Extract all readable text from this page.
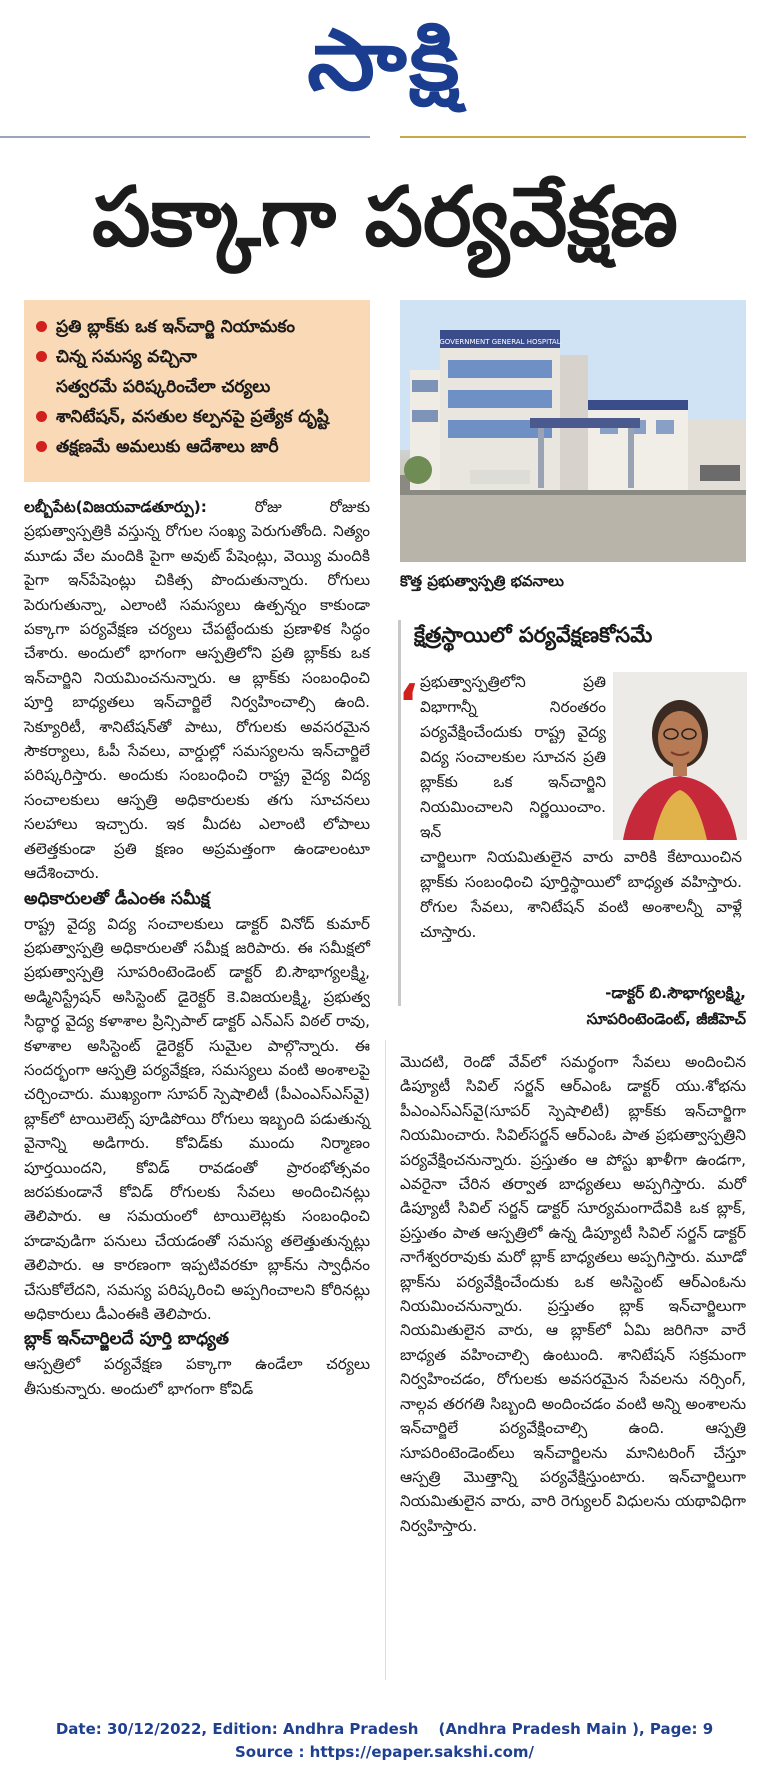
సాక్షి
పక్కాగా పర్యవేక్షణ
ప్రతి బ్లాక్‌కు ఒక ఇన్‌చార్జి నియామకం
చిన్న సమస్య వచ్చినా
సత్వరమే పరిష్కరించేలా చర్యలు
శానిటేషన్, వసతుల కల్పనపై ప్రత్యేక దృష్టి
తక్షణమే అమలుకు ఆదేశాలు జారీ
GOVERNMENT GENERAL HOSPITAL
కొత్త ప్రభుత్వాస్పత్రి భవనాలు

లబ్బీపేట(విజయవాడతూర్పు):	రోజు రోజుకు ప్రభుత్వాస్పత్రికి వస్తున్న రోగుల సంఖ్య పెరుగుతోంది. నిత్యం మూడు వేల మందికి పైగా అవుట్ పేషెంట్లు, వెయ్యి మందికి పైగా ఇన్‌పేషెంట్లు చికిత్స పొందుతున్నారు. రోగులు పెరుగుతున్నా, ఎలాంటి సమస్యలు ఉత్పన్నం కాకుండా పక్కాగా పర్యవేక్షణ చర్యలు చేపట్టేందుకు ప్రణాళిక సిద్ధం చేశారు. అందులో భాగంగా ఆస్పత్రిలోని ప్రతి బ్లాక్‌కు ఒక ఇన్‌చార్జిని నియమించనున్నారు. ఆ బ్లాక్‌కు సంబంధించి పూర్తి బాధ్యతలు ఇన్‌చార్జిలే నిర్వహించాల్సి ఉంది. సెక్యూరిటీ, శానిటేషన్‌తో పాటు, రోగులకు అవసరమైన సౌకర్యాలు, ఓపీ సేవలు, వార్డుల్లో సమస్యలను ఇన్‌చార్జిలే పరిష్కరిస్తారు. అందుకు సంబంధించి రాష్ట్ర వైద్య విద్య సంచాలకులు ఆస్పత్రి అధికారులకు తగు సూచనలు సలహాలు ఇచ్చారు. ఇక మీదట ఎలాంటి లోపాలు తలెత్తకుండా ప్రతి క్షణం అప్రమత్తంగా ఉండాలంటూ ఆదేశించారు.

అధికారులతో డీఎంఈ సమీక్ష

రాష్ట్ర వైద్య విద్య సంచాలకులు డాక్టర్ వినోద్ కుమార్ ప్రభుత్వాస్పత్రి అధికారులతో సమీక్ష జరిపారు. ఈ సమీక్షలో ప్రభుత్వాస్పత్రి సూపరింటెండెంట్ డాక్టర్ బి.సౌభాగ్యలక్ష్మి, అడ్మినిస్ట్రేషన్ అసిస్టెంట్ డైరెక్టర్ కె.విజయలక్ష్మి, ప్రభుత్వ సిద్ధార్థ వైద్య కళాశాల ప్రిన్సిపాల్ డాక్టర్ ఎన్‌ఎస్ విఠల్ రావు, కళాశాల అసిస్టెంట్ డైరెక్టర్ సుమైల పాల్గొన్నారు. ఈ సందర్భంగా ఆస్పత్రి పర్యవేక్షణ, సమస్యలు వంటి అంశాలపై చర్చించారు. ముఖ్యంగా సూపర్ స్పెషాలిటీ (పీఎంఎస్ఎస్‌వై) బ్లాక్‌లో టాయిలెట్స్ పూడిపోయి రోగులు ఇబ్బంది పడుతున్న వైనాన్ని అడిగారు. కోవిడ్‌కు ముందు నిర్మాణం పూర్తయిందని, కోవిడ్ రావడంతో ప్రారంభోత్సవం జరపకుండానే కోవిడ్ రోగులకు సేవలు అందించినట్లు తెలిపారు. ఆ సమయంలో టాయిలెట్లకు సంబంధించి హడావుడిగా పనులు చేయడంతో సమస్య తలెత్తుతున్నట్లు తెలిపారు. ఆ కారణంగా ఇప్పటివరకూ బ్లాక్‌ను స్వాధీనం చేసుకోలేదని, సమస్య పరిష్కరించి అప్పగించాలని కోరినట్లు అధికారులు డీఎంఈకి తెలిపారు.

బ్లాక్ ఇన్‌చార్జిలదే పూర్తి బాధ్యత

ఆస్పత్రిలో పర్యవేక్షణ పక్కాగా ఉండేలా చర్యలు తీసుకున్నారు. అందులో భాగంగా కోవిడ్

క్షేత్రస్థాయిలో పర్యవేక్షణకోసమే
‘ ప్రభుత్వాస్పత్రిలోని ప్రతి విభాగాన్నీ నిరంతరం పర్యవేక్షించేందుకు రాష్ట్ర వైద్య విద్య సంచాలకుల సూచన ప్రతి బ్లాక్‌కు ఒక ఇన్‌చార్జిని నియమించాలని నిర్ణయించాం. ఇన్
చార్జిలుగా నియమితులైన వారు వారికి కేటాయించిన బ్లాక్‌కు సంబంధించి పూర్తిస్థాయిలో బాధ్యత వహిస్తారు. రోగుల సేవలు, శానిటేషన్ వంటి అంశాలన్నీ వాళ్లే చూస్తారు.
-డాక్టర్ బి.సౌభాగ్యలక్ష్మి,
సూపరింటెండెంట్, జీజీహెచ్

మొదటి, రెండో వేవ్‌లో సమర్థంగా సేవలు అందించిన డిప్యూటీ సివిల్ సర్జన్ ఆర్ఎంఓ డాక్టర్ యు.శోభను పీఎంఎస్ఎస్‌వై(సూపర్ స్పెషాలిటీ) బ్లాక్‌కు ఇన్‌చార్జిగా నియమించారు. సివిల్‌సర్జన్ ఆర్ఎంఓ పాత ప్రభుత్వాస్పత్రిని పర్యవేక్షించనున్నారు. ప్రస్తుతం ఆ పోస్టు ఖాళీగా ఉండగా, ఎవరైనా చేరిన తర్వాత బాధ్యతలు అప్పగిస్తారు. మరో డిప్యూటీ సివిల్ సర్జన్ డాక్టర్ సూర్యమంగాదేవికి ఒక బ్లాక్, ప్రస్తుతం పాత ఆస్పత్రిలో ఉన్న డిప్యూటీ సివిల్ సర్జన్ డాక్టర్ నాగేశ్వరరావుకు మరో బ్లాక్ బాధ్యతలు అప్పగిస్తారు. మూడో బ్లాక్‌ను పర్యవేక్షించేందుకు ఒక అసిస్టెంట్ ఆర్ఎంఓను నియమించనున్నారు. ప్రస్తుతం బ్లాక్ ఇన్‌చార్జిలుగా నియమితులైన వారు, ఆ బ్లాక్‌లో ఏమి జరిగినా వారే బాధ్యత వహించాల్సి ఉంటుంది. శానిటేషన్ సక్రమంగా నిర్వహించడం, రోగులకు అవసరమైన సేవలను నర్సింగ్, నాల్గవ తరగతి సిబ్బంది అందించడం వంటి అన్ని అంశాలను ఇన్‌చార్జిలే పర్యవేక్షించాల్సి ఉంది. ఆస్పత్రి సూపరింటెండెంట్‌లు ఇన్‌చార్జిలను మానిటరింగ్ చేస్తూ ఆస్పత్రి మొత్తాన్ని పర్యవేక్షిస్తుంటారు. ఇన్‌చార్జిలుగా నియమితులైన వారు, వారి రెగ్యులర్ విధులను యథావిధిగా నిర్వహిస్తారు.

Date: 30/12/2022, Edition: Andhra Pradesh (Andhra Pradesh Main ), Page: 9
Source : https://epaper.sakshi.com/
